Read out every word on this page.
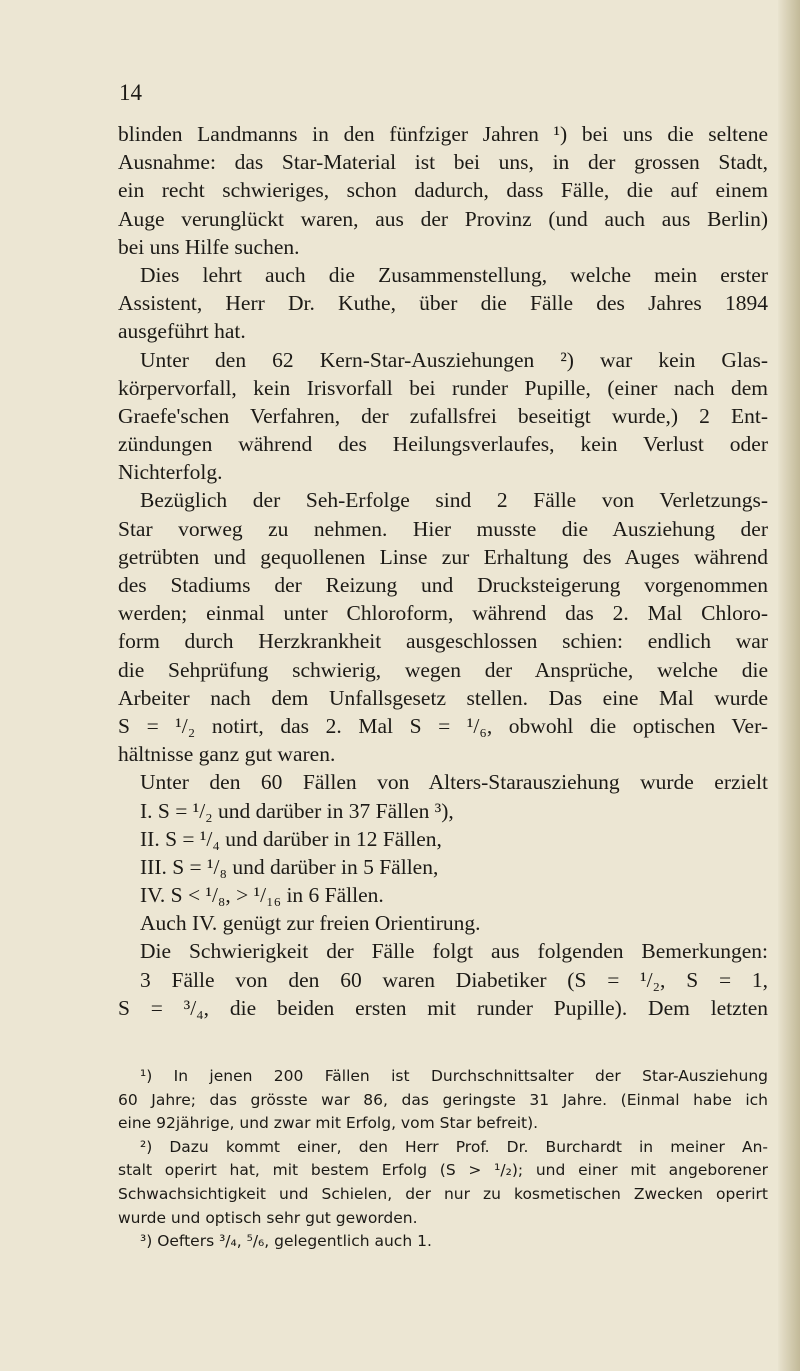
14
blinden Landmanns in den fünfziger Jahren ¹) bei uns die seltene
Ausnahme: das Star-Material ist bei uns, in der grossen Stadt,
ein recht schwieriges, schon dadurch, dass Fälle, die auf einem
Auge verunglückt waren, aus der Provinz (und auch aus Berlin)
bei uns Hilfe suchen.
Dies lehrt auch die Zusammenstellung, welche mein erster
Assistent, Herr Dr. Kuthe, über die Fälle des Jahres 1894
ausgeführt hat.
Unter den 62 Kern-Star-Ausziehungen ²) war kein Glas-
körpervorfall, kein Irisvorfall bei runder Pupille, (einer nach dem
Graefe'schen Verfahren, der zufallsfrei beseitigt wurde,) 2 Ent-
zündungen während des Heilungsverlaufes, kein Verlust oder
Nichterfolg.
Bezüglich der Seh-Erfolge sind 2 Fälle von Verletzungs-
Star vorweg zu nehmen. Hier musste die Ausziehung der
getrübten und gequollenen Linse zur Erhaltung des Auges während
des Stadiums der Reizung und Drucksteigerung vorgenommen
werden; einmal unter Chloroform, während das 2. Mal Chloro-
form durch Herzkrankheit ausgeschlossen schien: endlich war
die Sehprüfung schwierig, wegen der Ansprüche, welche die
Arbeiter nach dem Unfallsgesetz stellen. Das eine Mal wurde
S = ¹/₂ notirt, das 2. Mal S = ¹/₆, obwohl die optischen Ver-
hältnisse ganz gut waren.
Unter den 60 Fällen von Alters-Starausziehung wurde erzielt
I. S = ¹/₂ und darüber in 37 Fällen ³),
II. S = ¹/₄ und darüber in 12 Fällen,
III. S = ¹/₈ und darüber in 5 Fällen,
IV. S < ¹/₈, > ¹/₁₆ in 6 Fällen.
Auch IV. genügt zur freien Orientirung.
Die Schwierigkeit der Fälle folgt aus folgenden Bemerkungen:
3 Fälle von den 60 waren Diabetiker (S = ¹/₂, S = 1,
S = ³/₄, die beiden ersten mit runder Pupille). Dem letzten
¹) In jenen 200 Fällen ist Durchschnittsalter der Star-Ausziehung
60 Jahre; das grösste war 86, das geringste 31 Jahre. (Einmal habe ich
eine 92jährige, und zwar mit Erfolg, vom Star befreit).
²) Dazu kommt einer, den Herr Prof. Dr. Burchardt in meiner An-
stalt operirt hat, mit bestem Erfolg (S > ¹/₂); und einer mit angeborener
Schwachsichtigkeit und Schielen, der nur zu kosmetischen Zwecken operirt
wurde und optisch sehr gut geworden.
³) Oefters ³/₄, ⁵/₆, gelegentlich auch 1.
